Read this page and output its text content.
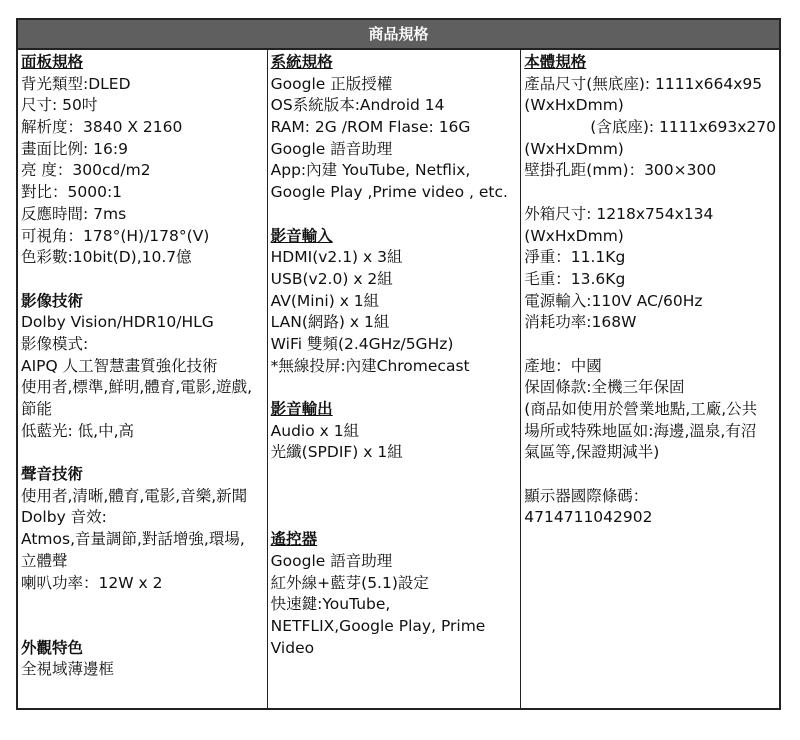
商品規格
面板規格
背光類型:DLED
尺寸: 50吋
解析度：3840 X 2160
畫面比例: 16:9
亮 度：300cd/m2
對比：5000:1
反應時間: 7ms
可視角：178°(H)/178°(V)
色彩數:10bit(D),10.7億
影像技術
Dolby Vision/HDR10/HLG
影像模式:
AIPQ 人工智慧畫質強化技術
使用者,標準,鮮明,體育,電影,遊戲,
節能
低藍光: 低,中,高
聲音技術
使用者,清晰,體育,電影,音樂,新聞
Dolby 音效:
Atmos,音量調節,對話增強,環場,
立體聲
喇叭功率：12W x 2
外觀特色
全視域薄邊框
系統規格
Google 正版授權
OS系統版本:Android 14
RAM: 2G /ROM Flase: 16G
Google 語音助理
App:內建 YouTube, Netflix,
Google Play ,Prime video , etc.
影音輸入
HDMI(v2.1) x 3組
USB(v2.0) x 2組
AV(Mini) x 1組
LAN(網路) x 1組
WiFi 雙頻(2.4GHz/5GHz)
*無線投屏:內建Chromecast
影音輸出
Audio x 1組
光纖(SPDIF) x 1組
遙控器
Google 語音助理
紅外線+藍芽(5.1)設定
快速鍵:YouTube,
NETFLIX,Google Play, Prime
Video
本體規格
產品尺寸(無底座): 1111x664x95
(WxHxDmm)
(含底座): 1111x693x270
(WxHxDmm)
壁掛孔距(mm)：300×300
外箱尺寸: 1218x754x134
(WxHxDmm)
淨重：11.1Kg
毛重：13.6Kg
電源輸入:110V AC/60Hz
消耗功率:168W
產地：中國
保固條款:全機三年保固
(商品如使用於營業地點,工廠,公共
場所或特殊地區如:海邊,溫泉,有沼
氣區等,保證期減半)
顯示器國際條碼：
4714711042902
